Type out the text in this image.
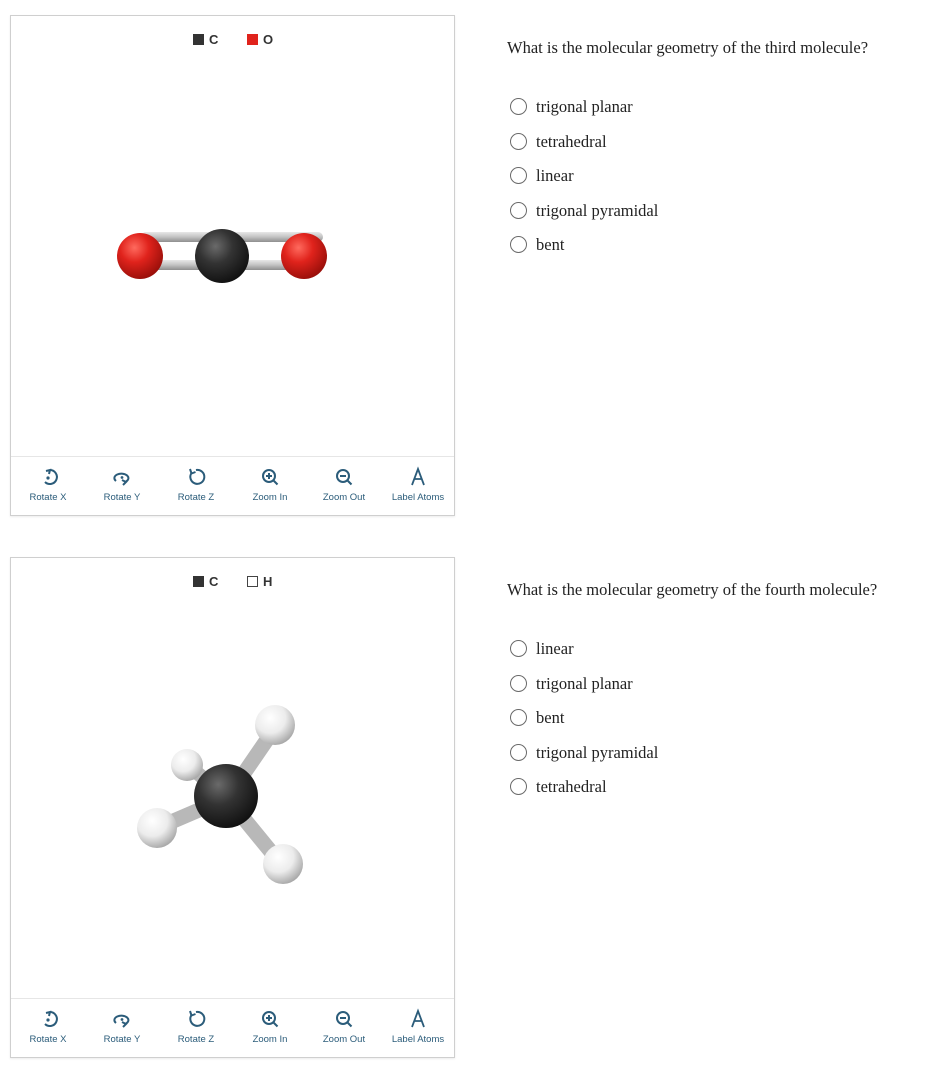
C	O
Rotate X	Rotate Y	Rotate Z	Zoom In	Zoom Out	Label Atoms
C	H
Rotate X	Rotate Y	Rotate Z	Zoom In	Zoom Out	Label Atoms
What is the molecular geometry of the third molecule?
trigonal planar
tetrahedral
linear
trigonal pyramidal
bent
What is the molecular geometry of the fourth molecule?
linear
trigonal planar
bent
trigonal pyramidal
tetrahedral
